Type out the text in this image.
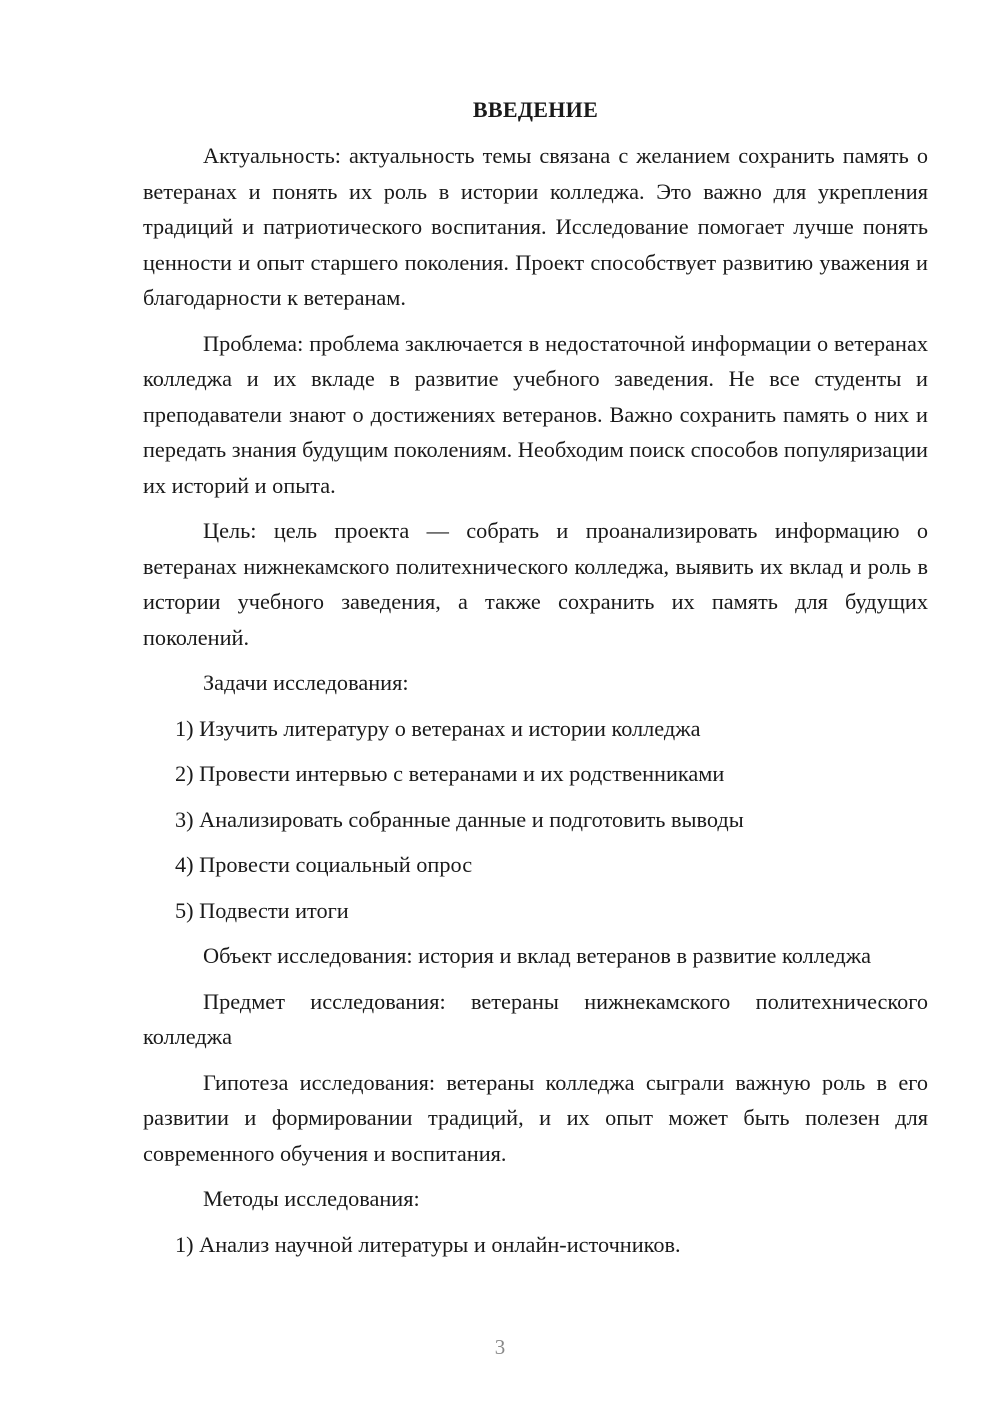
ВВЕДЕНИЕ

Актуальность: актуальность темы связана с желанием сохранить память о ветеранах и понять их роль в истории колледжа. Это важно для укрепления традиций и патриотического воспитания. Исследование помогает лучше понять ценности и опыт старшего поколения. Проект способствует развитию уважения и благодарности к ветеранам.

Проблема: проблема заключается в недостаточной информации о ветеранах колледжа и их вкладе в развитие учебного заведения. Не все студенты и преподаватели знают о достижениях ветеранов. Важно сохранить память о них и передать знания будущим поколениям. Необходим поиск способов популяризации их историй и опыта.

Цель: цель проекта — собрать и проанализировать информацию о ветеранах нижнекамского политехнического колледжа, выявить их вклад и роль в истории учебного заведения, а также сохранить их память для будущих поколений.

Задачи исследования:

1) Изучить литературу о ветеранах и истории колледжа
2) Провести интервью с ветеранами и их родственниками
3) Анализировать собранные данные и подготовить выводы
4) Провести социальный опрос
5) Подвести итоги

Объект исследования: история и вклад ветеранов в развитие колледжа

Предмет исследования: ветераны нижнекамского политехнического колледжа

Гипотеза исследования: ветераны колледжа сыграли важную роль в его развитии и формировании традиций, и их опыт может быть полезен для современного обучения и воспитания.

Методы исследования:

1) Анализ научной литературы и онлайн-источников.
3
